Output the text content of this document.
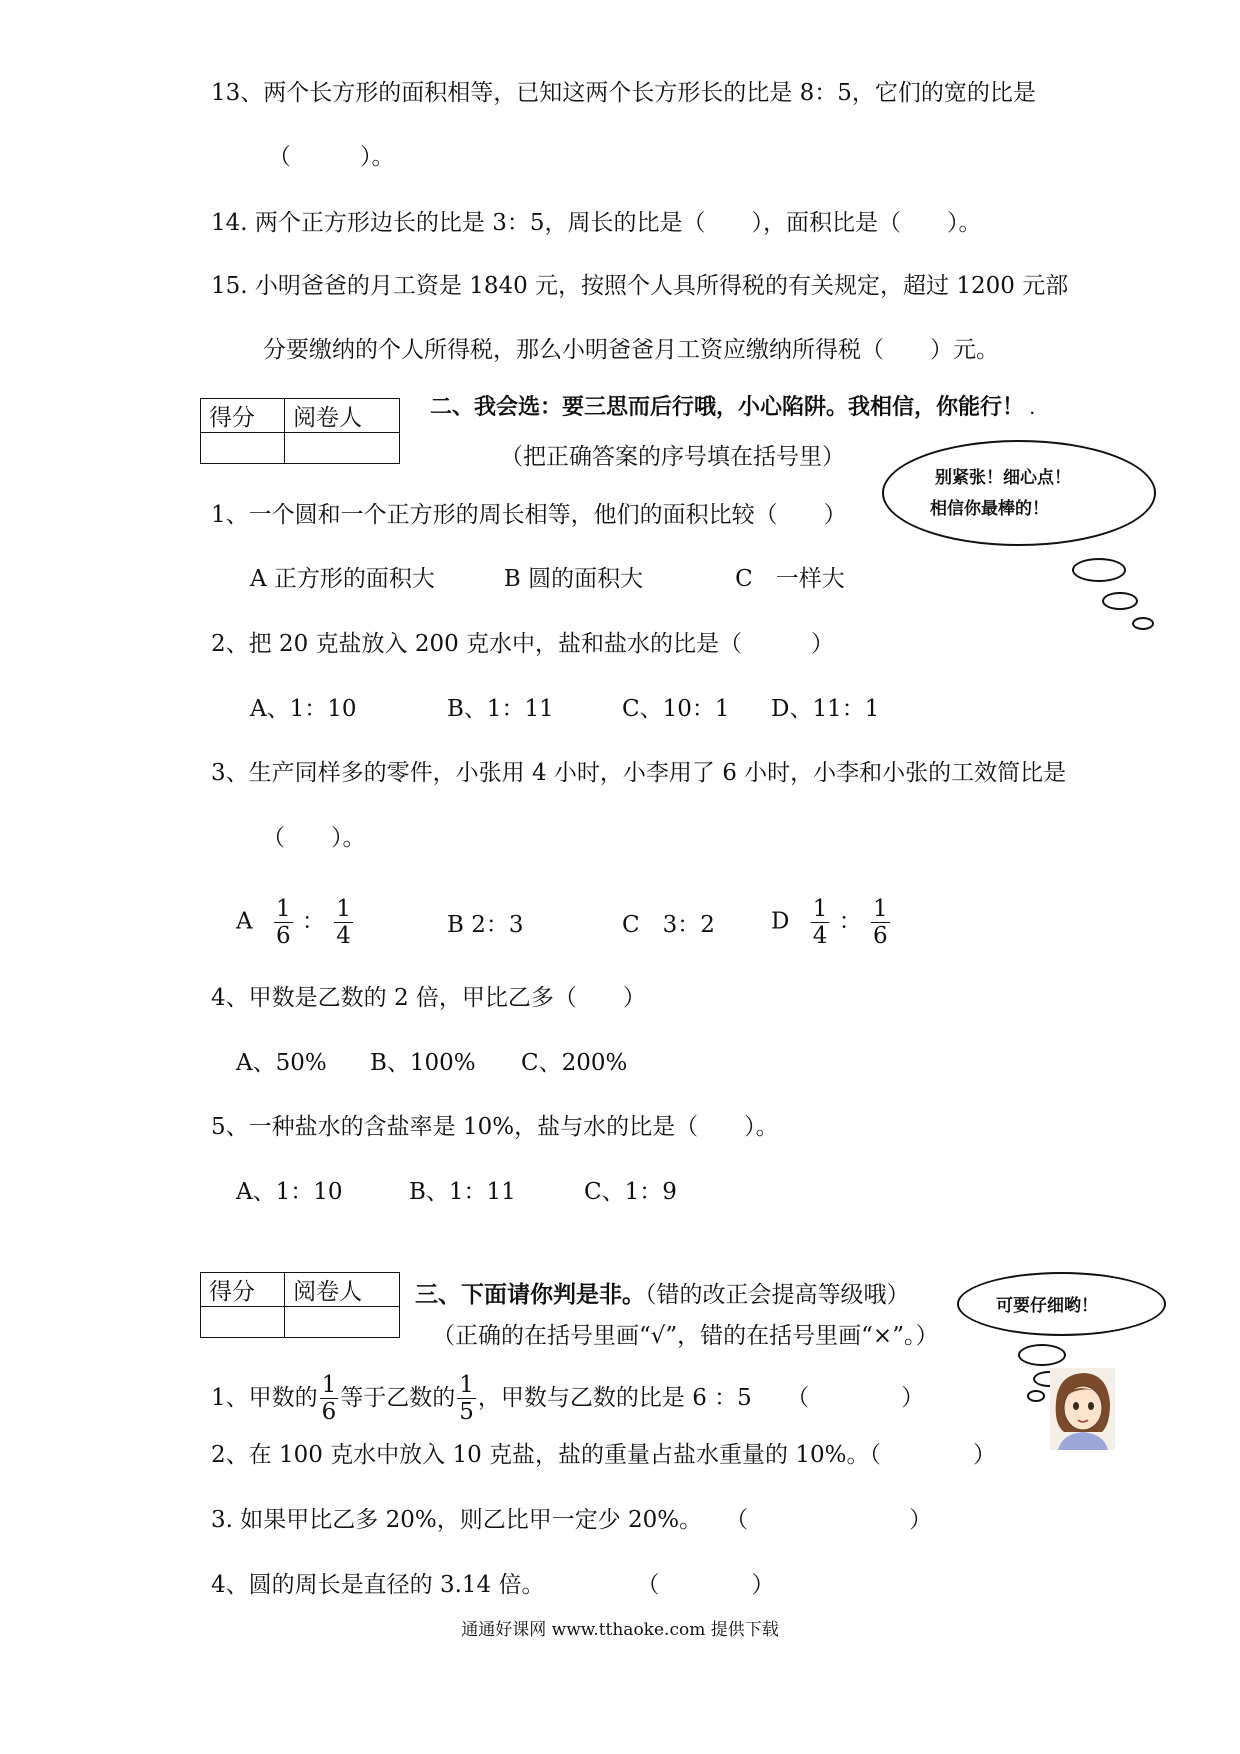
13、两个长方形的面积相等，已知这两个长方形长的比是 8：5，它们的宽的比是
（　　　）。
14. 两个正方形边长的比是 3：5，周长的比是（　　），面积比是（　　）。
15. 小明爸爸的月工资是 1840 元，按照个人具所得税的有关规定，超过 1200 元部
分要缴纳的个人所得税，那么小明爸爸月工资应缴纳所得税（　　）元。
得分	阅卷人
		二、我会选：要三思而后行哦，小心陷阱。我相信，你能行！ .
（把正确答案的序号填在括号里）
别紧张！细心点！
相信你最棒的！
1、一个圆和一个正方形的周长相等，他们的面积比较（　　）
A 正方形的面积大　　　B 圆的面积大　　　　C　一样大
2、把 20 克盐放入 200 克水中，盐和盐水的比是（　　　）
A、1：10	B、1：11	C、10：1 D、11：1
3、生产同样多的零件，小张用 4 小时，小李用了 6 小时，小李和小张的工效简比是
（　　）。
A $\frac{1}{6}$ ： $\frac{1}{4}$	B 2：3	C　3：2 D $\frac{1}{4}$ ： $\frac{1}{6}$
4、甲数是乙数的 2 倍，甲比乙多（　　）
A、50% B、100% C、200%
5、一种盐水的含盐率是 10%，盐与水的比是（　　）。
A、1：10	B、1：11	C、1：9
得分	阅卷人
	三、下面请你判是非。（错的改正会提高等级哦）
（正确的在括号里画“√”，错的在括号里画“×”。）
可要仔细哟！
1、甲数的 $\frac{1}{6}$ 等于乙数的 $\frac{1}{5}$ ，甲数与乙数的比是 6 ：5　　（　　　　）
2、在 100 克水中放入 10 克盐，盐的重量占盐水重量的 10%。（　　　　）
3. 如果甲比乙多 20%，则乙比甲一定少 20%。　　（　　　　　　　）
4、圆的周长是直径的 3.14 倍。　　　　　（　　　　）
通通好课网 www.tthaoke.com 提供下载
